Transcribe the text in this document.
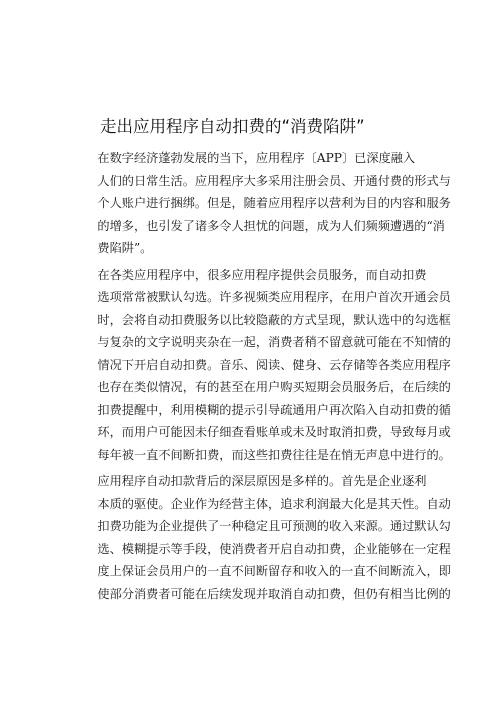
走出应用程序自动扣费的“消费陷阱”

在数字经济蓬勃发展的当下，应用程序〔APP〕已深度融入
人们的日常生活。应用程序大多采用注册会员、开通付费的形式与
个人账户进行捆绑。但是，随着应用程序以营利为目的内容和服务
的增多，也引发了诸多令人担忧的问题，成为人们频频遭遇的“消
费陷阱”。

在各类应用程序中，很多应用程序提供会员服务，而自动扣费
选项常常被默认勾选。许多视频类应用程序，在用户首次开通会员
时，会将自动扣费服务以比较隐蔽的方式呈现，默认选中的勾选框
与复杂的文字说明夹杂在一起，消费者稍不留意就可能在不知情的
情况下开启自动扣费。音乐、阅读、健身、云存储等各类应用程序
也存在类似情况，有的甚至在用户购买短期会员服务后，在后续的
扣费提醒中，利用模糊的提示引导疏通用户再次陷入自动扣费的循
环，而用户可能因未仔细查看账单或未及时取消扣费，导致每月或
每年被一直不间断扣费，而这些扣费往往是在悄无声息中进行的。

应用程序自动扣款背后的深层原因是多样的。首先是企业逐利
本质的驱使。企业作为经营主体，追求利润最大化是其天性。自动
扣费功能为企业提供了一种稳定且可预测的收入来源。通过默认勾
选、模糊提示等手段，使消费者开启自动扣费，企业能够在一定程
度上保证会员用户的一直不间断留存和收入的一直不间断流入，即
使部分消费者可能在后续发现并取消自动扣费，但仍有相当比例的
